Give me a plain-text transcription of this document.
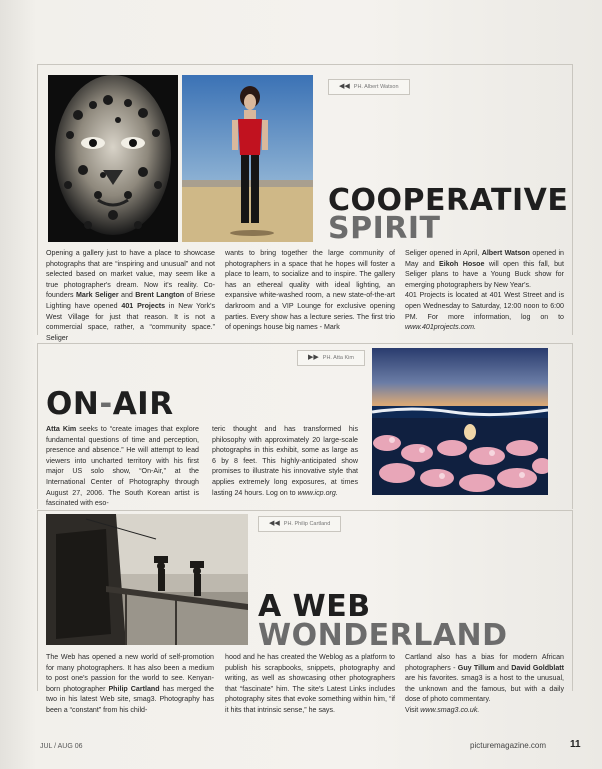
◀◀ PH. Albert Watson
COOPERATIVE
SPIRIT
Opening a gallery just to have a place to showcase photographs that are “inspiring and unusual” and not selected based on market value, may seem like a true photographer's dream. Now it's reality. Co-founders Mark Seliger and Brent Langton of Briese Lighting have opened 401 Projects in New York's West Village for just that reason. It is not a commercial space, rather, a “community space.” Seliger
wants to bring together the large community of photographers in a space that he hopes will foster a place to learn, to socialize and to inspire. The gallery has an ethereal quality with ideal lighting, an expansive white-washed room, a new state-of-the-art darkroom and a VIP Lounge for exclusive opening parties. Every show has a lecture series. The first trio of openings house big names - Mark
Seliger opened in April, Albert Watson opened in May and Eikoh Hosoe will open this fall, but Seliger plans to have a Young Buck show for emerging photographers by New Year's.
401 Projects is located at 401 West Street and is open Wednesday to Saturday, 12:00 noon to 6:00 PM. For more information, log on to www.401projects.com.
▶▶ PH. Atta Kim
ON-AIR
Atta Kim seeks to “create images that explore fundamental questions of time and perception, presence and absence.” He will attempt to lead viewers into uncharted territory with his first major US solo show, “On-Air,” at the International Center of Photography through August 27, 2006. The South Korean artist is fascinated with eso-
teric thought and has transformed his philosophy with approximately 20 large-scale photographs in this exhibit, some as large as 6 by 8 feet. This highly-anticipated show promises to illustrate his innovative style that applies extremely long exposures, at times lasting 24 hours. Log on to www.icp.org.
◀◀ PH. Philip Cartland
A WEB
WONDERLAND
The Web has opened a new world of self-promotion for many photographers. It has also been a medium to post one's passion for the world to see. Kenyan-born photographer Philip Cartland has merged the two in his latest Web site, smag3. Photography has been a “constant” from his child-
hood and he has created the Weblog as a platform to publish his scrapbooks, snippets, photography and writing, as well as showcasing other photographers that “fascinate” him. The site's Latest Links includes photography sites that evoke something within him, “if it hits that intrinsic sense,” he says.
Cartland also has a bias for modern African photographers - Guy Tillum and David Goldblatt are his favorites. smag3 is a host to the unusual, the unknown and the famous, but with a daily dose of photo commentary.
Visit www.smag3.co.uk.
JUL / AUG 06	picturemagazine.com 11
